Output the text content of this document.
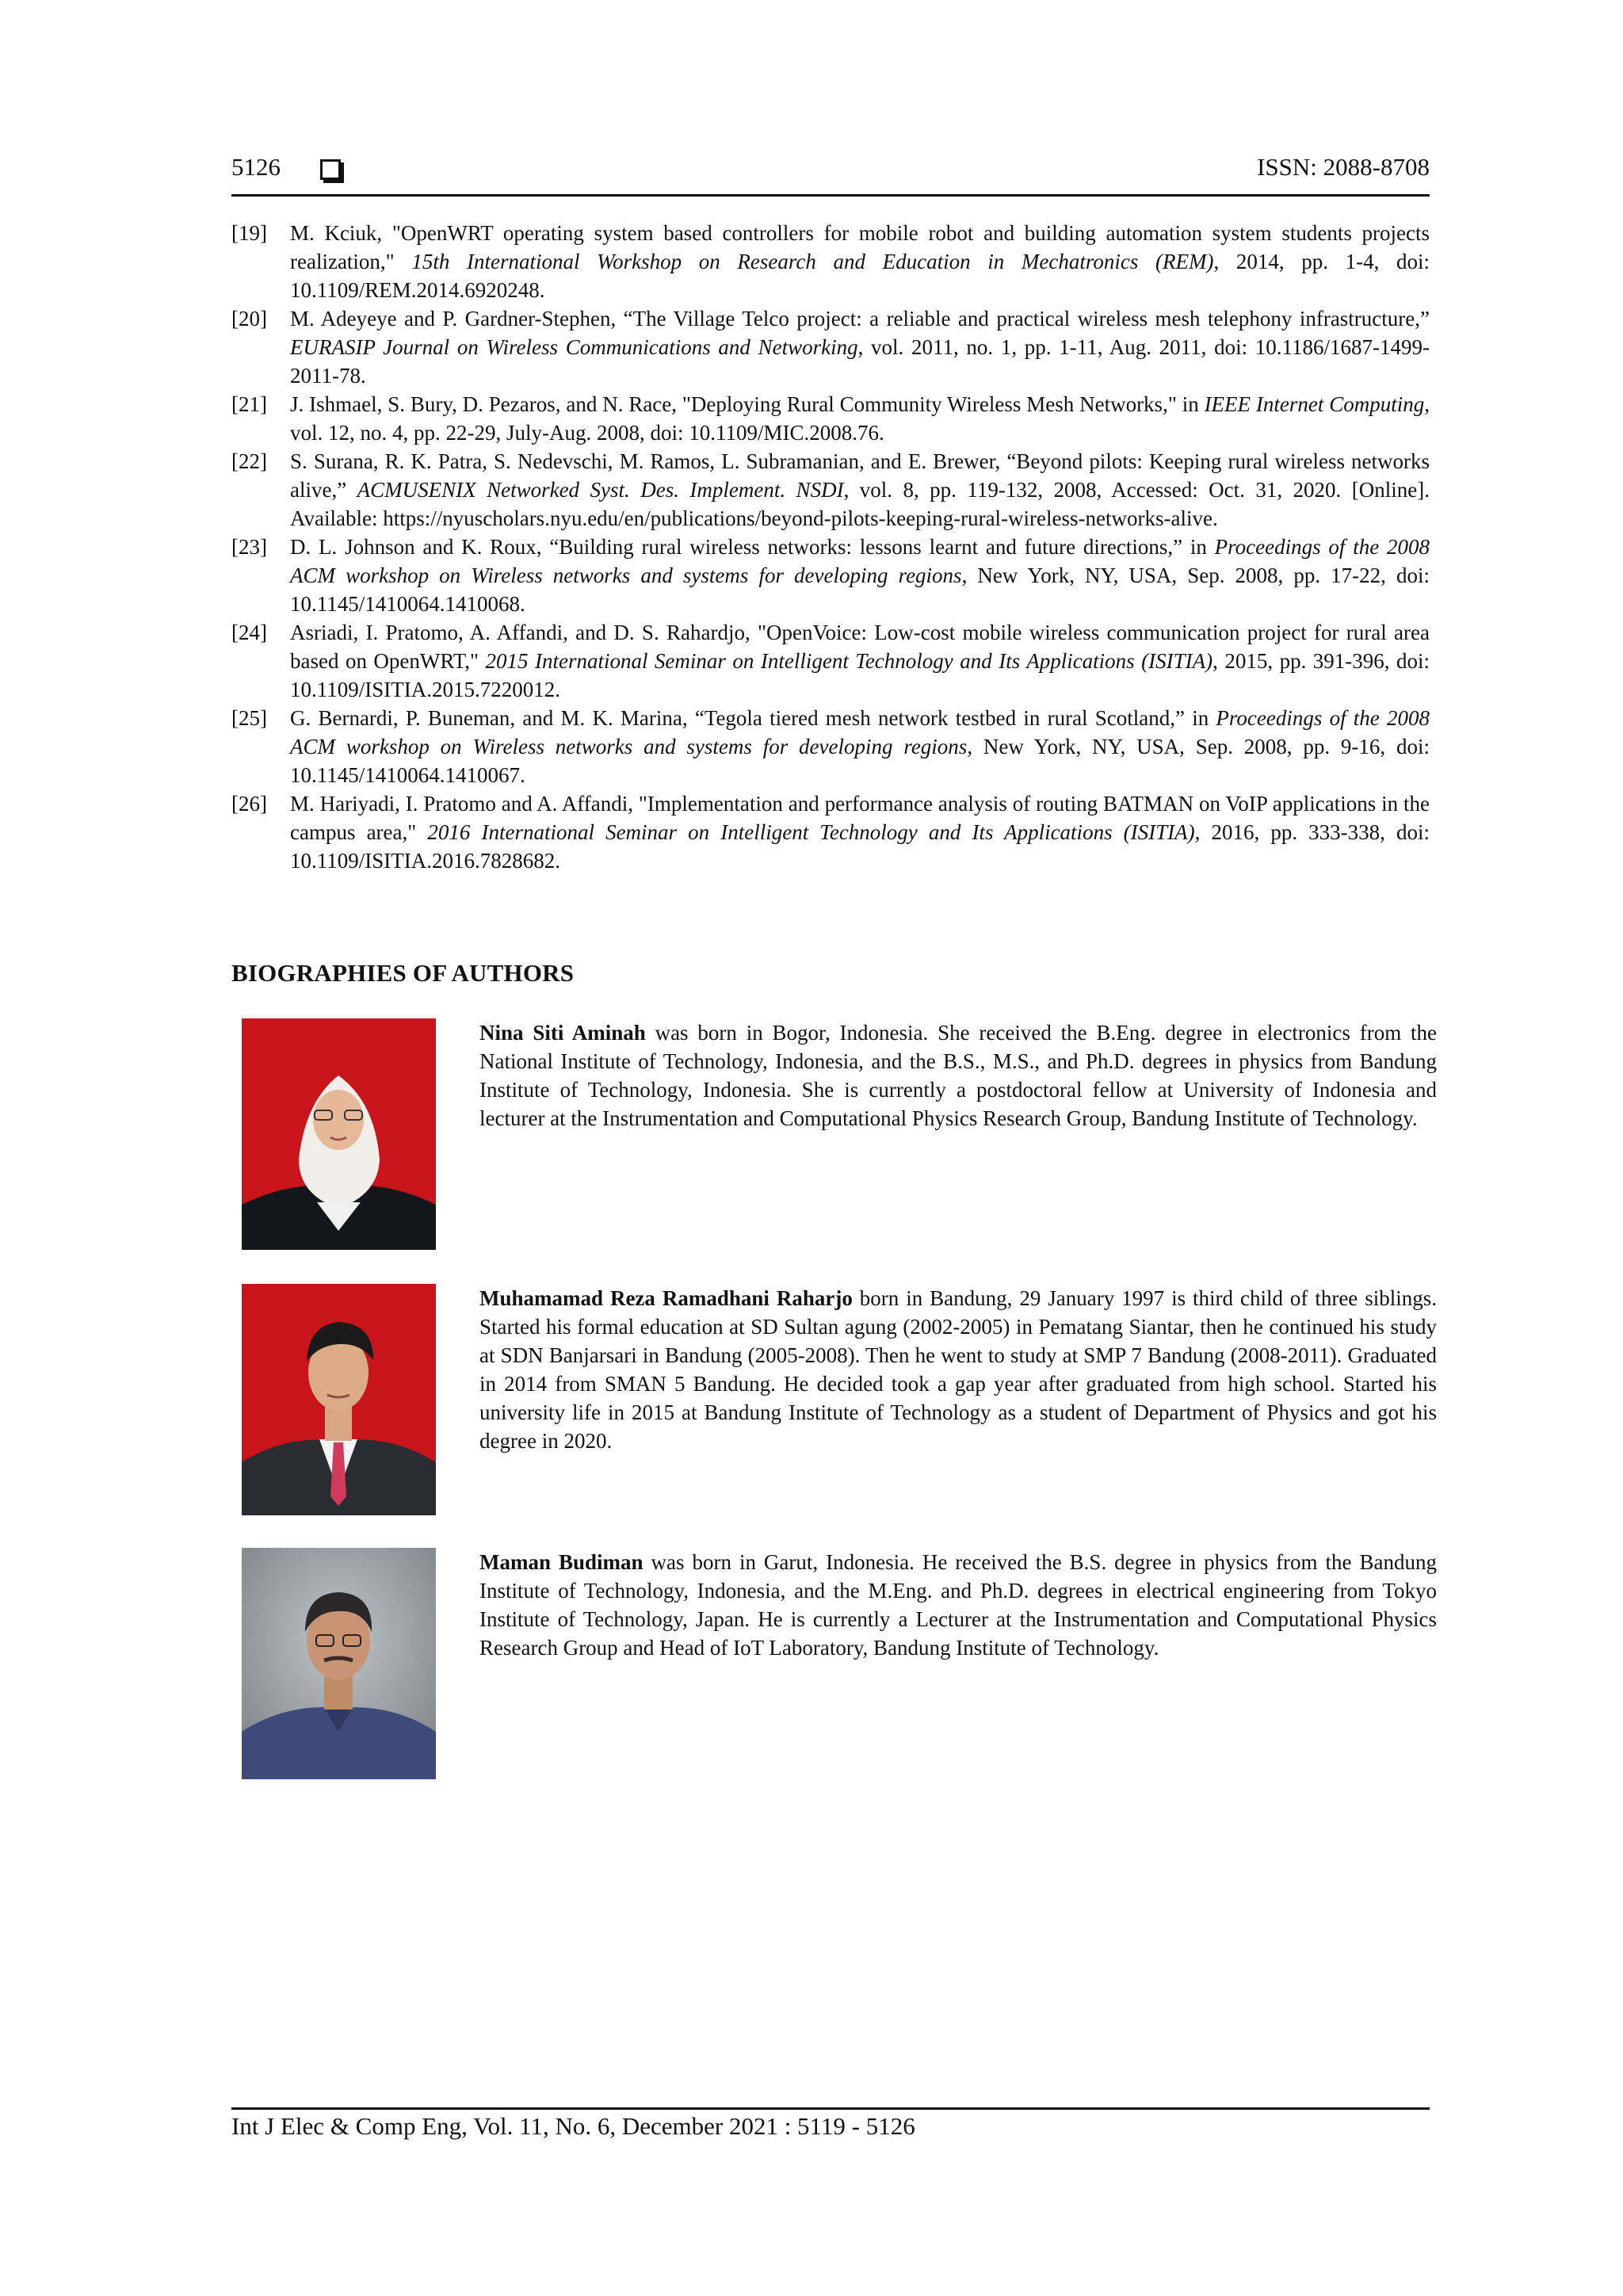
5126	ISSN: 2088-8708

[19] M. Kciuk, "OpenWRT operating system based controllers for mobile robot and building automation system students projects realization," 15th International Workshop on Research and Education in Mechatronics (REM), 2014, pp. 1-4, doi: 10.1109/REM.2014.6920248.

[20] M. Adeyeye and P. Gardner-Stephen, “The Village Telco project: a reliable and practical wireless mesh telephony infrastructure,” EURASIP Journal on Wireless Communications and Networking, vol. 2011, no. 1, pp. 1-11, Aug. 2011, doi: 10.1186/1687-1499-2011-78.

[21] J. Ishmael, S. Bury, D. Pezaros, and N. Race, "Deploying Rural Community Wireless Mesh Networks," in IEEE Internet Computing, vol. 12, no. 4, pp. 22-29, July-Aug. 2008, doi: 10.1109/MIC.2008.76.

[22] S. Surana, R. K. Patra, S. Nedevschi, M. Ramos, L. Subramanian, and E. Brewer, “Beyond pilots: Keeping rural wireless networks alive,” ACMUSENIX Networked Syst. Des. Implement. NSDI, vol. 8, pp. 119-132, 2008, Accessed: Oct. 31, 2020. [Online]. Available: https://nyuscholars.nyu.edu/en/publications/beyond-pilots-keeping-rural-wireless-networks-alive.

[23] D. L. Johnson and K. Roux, “Building rural wireless networks: lessons learnt and future directions,” in Proceedings of the 2008 ACM workshop on Wireless networks and systems for developing regions, New York, NY, USA, Sep. 2008, pp. 17-22, doi: 10.1145/1410064.1410068.

[24] Asriadi, I. Pratomo, A. Affandi, and D. S. Rahardjo, "OpenVoice: Low-cost mobile wireless communication project for rural area based on OpenWRT," 2015 International Seminar on Intelligent Technology and Its Applications (ISITIA), 2015, pp. 391-396, doi: 10.1109/ISITIA.2015.7220012.

[25] G. Bernardi, P. Buneman, and M. K. Marina, “Tegola tiered mesh network testbed in rural Scotland,” in Proceedings of the 2008 ACM workshop on Wireless networks and systems for developing regions, New York, NY, USA, Sep. 2008, pp. 9-16, doi: 10.1145/1410064.1410067.

[26] M. Hariyadi, I. Pratomo and A. Affandi, "Implementation and performance analysis of routing BATMAN on VoIP applications in the campus area," 2016 International Seminar on Intelligent Technology and Its Applications (ISITIA), 2016, pp. 333-338, doi: 10.1109/ISITIA.2016.7828682.

BIOGRAPHIES OF AUTHORS

Nina Siti Aminah was born in Bogor, Indonesia. She received the B.Eng. degree in electronics from the National Institute of Technology, Indonesia, and the B.S., M.S., and Ph.D. degrees in physics from Bandung Institute of Technology, Indonesia. She is currently a postdoctoral fellow at University of Indonesia and lecturer at the Instrumentation and Computational Physics Research Group, Bandung Institute of Technology.

Muhamamad Reza Ramadhani Raharjo born in Bandung, 29 January 1997 is third child of three siblings. Started his formal education at SD Sultan agung (2002-2005) in Pematang Siantar, then he continued his study at SDN Banjarsari in Bandung (2005-2008). Then he went to study at SMP 7 Bandung (2008-2011). Graduated in 2014 from SMAN 5 Bandung. He decided took a gap year after graduated from high school. Started his university life in 2015 at Bandung Institute of Technology as a student of Department of Physics and got his degree in 2020.

Maman Budiman was born in Garut, Indonesia. He received the B.S. degree in physics from the Bandung Institute of Technology, Indonesia, and the M.Eng. and Ph.D. degrees in electrical engineering from Tokyo Institute of Technology, Japan. He is currently a Lecturer at the Instrumentation and Computational Physics Research Group and Head of IoT Laboratory, Bandung Institute of Technology.

Int J Elec & Comp Eng, Vol. 11, No. 6, December 2021 : 5119 - 5126
